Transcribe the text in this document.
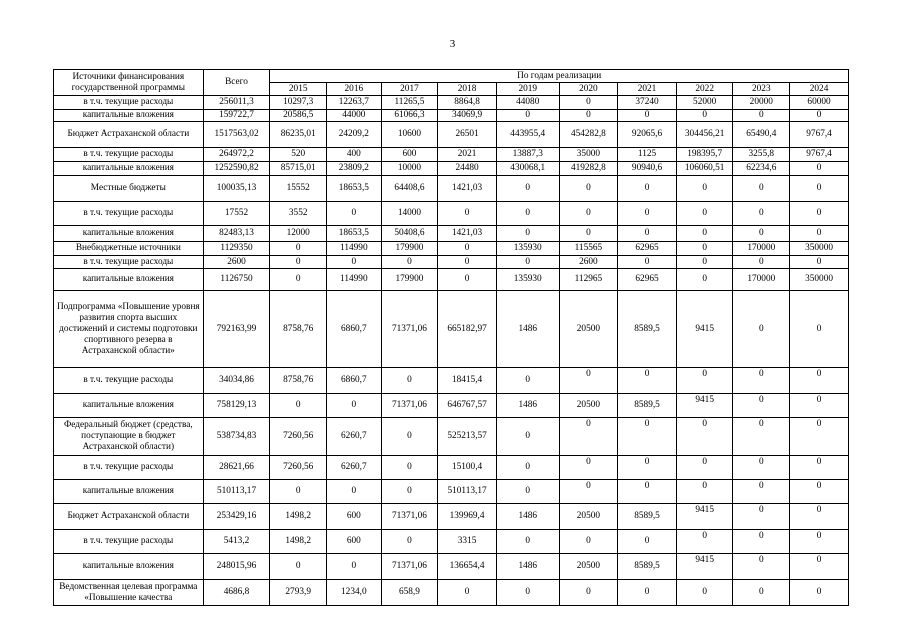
3
Источники финансирования государственной программы	Всего	По годам реализации									
		2015	2016	2017	2018	2019	2020	2021	2022	2023	2024
в т.ч. текущие расходы	256011,3	10297,3	12263,7	11265,5	8864,8	44080	0	37240	52000	20000	60000
капитальные вложения	159722,7	20586,5	44000	61066,3	34069,9	0	0	0	0	0	0
Бюджет Астраханской области	1517563,02	86235,01	24209,2	10600	26501	443955,4	454282,8	92065,6	304456,21	65490,4	9767,4
в т.ч. текущие расходы	264972,2	520	400	600	2021	13887,3	35000	1125	198395,7	3255,8	9767,4
капитальные вложения	1252590,82	85715,01	23809,2	10000	24480	430068,1	419282,8	90940,6	106060,51	62234,6	0
Местные бюджеты	100035,13	15552	18653,5	64408,6	1421,03	0	0	0	0	0	0
в т.ч. текущие расходы	17552	3552	0	14000	0	0	0	0	0	0	0
капитальные вложения	82483,13	12000	18653,5	50408,6	1421,03	0	0	0	0	0	0
Внебюджетные источники	1129350	0	114990	179900	0	135930	115565	62965	0	170000	350000
в т.ч. текущие расходы	2600	0	0	0	0	0	2600	0	0	0	0
капитальные вложения	1126750	0	114990	179900	0	135930	112965	62965	0	170000	350000
Подпрограмма «Повышение уровня развития спорта высших достижений и системы подготовки спортивного резерва в Астраханской области»	792163,99	8758,76	6860,7	71371,06	665182,97	1486	20500	8589,5	9415	0	0
в т.ч. текущие расходы	34034,86	8758,76	6860,7	0	18415,4	0	0	0	0	0	0
капитальные вложения	758129,13	0	0	71371,06	646767,57	1486	20500	8589,5	9415	0	0
Федеральный бюджет (средства, поступающие в бюджет Астраханской области)	538734,83	7260,56	6260,7	0	525213,57	0	0	0	0	0	0
в т.ч. текущие расходы	28621,66	7260,56	6260,7	0	15100,4	0	0	0	0	0	0
капитальные вложения	510113,17	0	0	0	510113,17	0	0	0	0	0	0
Бюджет Астраханской области	253429,16	1498,2	600	71371,06	139969,4	1486	20500	8589,5	9415	0	0
в т.ч. текущие расходы	5413,2	1498,2	600	0	3315	0	0	0	0	0	0
капитальные вложения	248015,96	0	0	71371,06	136654,4	1486	20500	8589,5	9415	0	0
Ведомственная целевая программа «Повышение качества	4686,8	2793,9	1234,0	658,9	0	0	0	0	0	0	0
